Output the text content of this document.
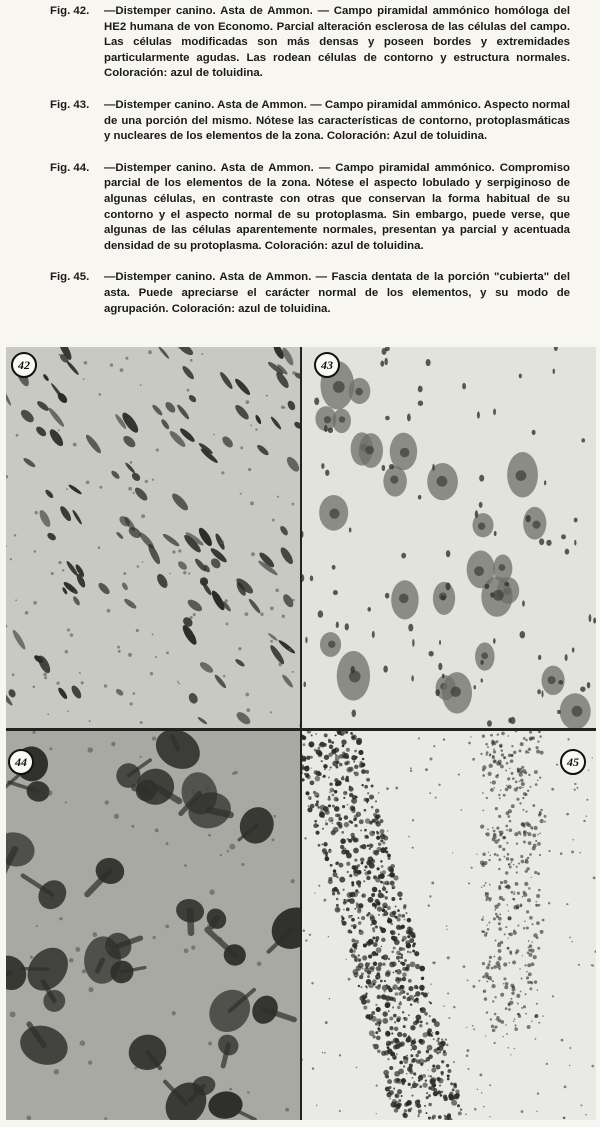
Fig. 42.	—Distemper canino. Asta de Ammon. — Campo piramidal ammónico homóloga del HE2 humana de von Economo. Parcial alteración esclerosa de las células del campo. Las células modificadas son más densas y poseen bordes y extremidades particularmente agudas. Las rodean células de contorno y estructura normales. Coloración: azul de toluidina.

Fig. 43.	—Distemper canino. Asta de Ammon. — Campo piramidal ammónico. Aspecto normal de una porción del mismo. Nótese las características de contorno, protoplasmáticas y nucleares de los elementos de la zona. Coloración: Azul de toluidina.

Fig. 44.	—Distemper canino. Asta de Ammon. — Campo piramidal ammónico. Compromiso parcial de los elementos de la zona. Nótese el aspecto lobulado y serpiginoso de algunas células, en contraste con otras que conservan la forma habitual de su contorno y el aspecto normal de su protoplasma. Sin embargo, puede verse, que algunas de las células aparentemente normales, presentan ya parcial y acentuada densidad de su protoplasma. Coloración: azul de toluidina.

Fig. 45.	—Distemper canino. Asta de Ammon. — Fascia dentata de la porción "cubierta" del asta. Puede apreciarse el carácter normal de los elementos, y su modo de agrupación. Coloración: azul de toluidina.

42	43
44	45
